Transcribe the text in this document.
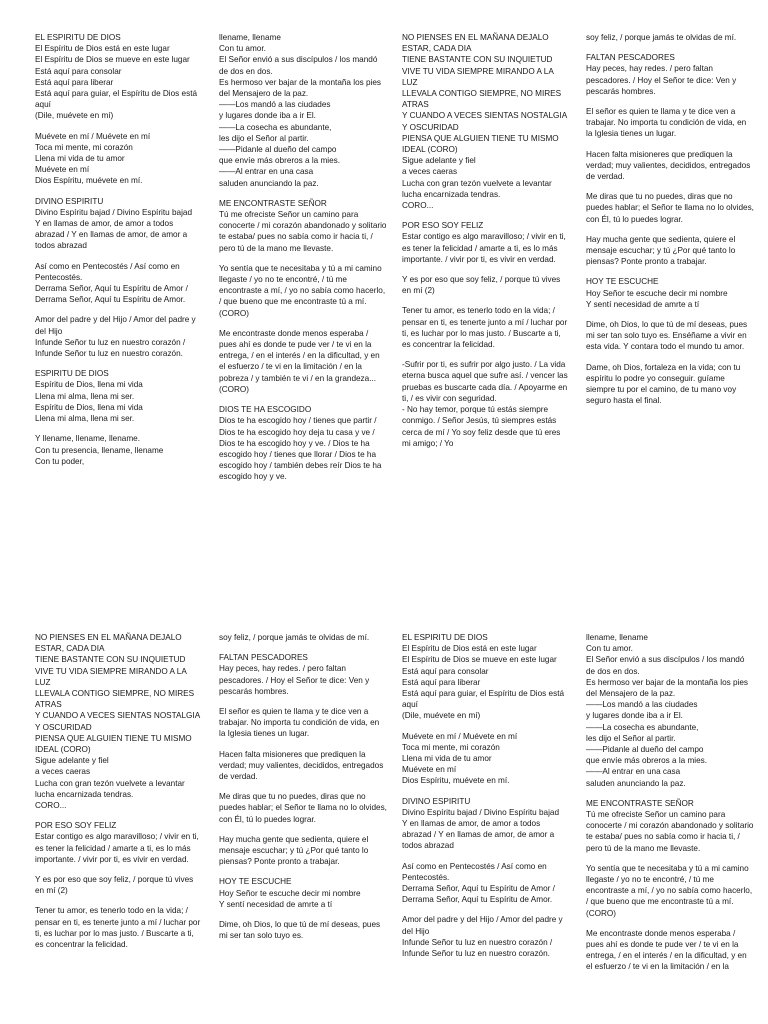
EL ESPIRITU DE DIOS
El Espíritu de Dios está en este lugar
El Espíritu de Dios se mueve en este lugar
Está aquí para consolar
Está aquí para liberar
Está aquí para guiar, el Espíritu de Dios está aquí
(Dile, muévete en mí)

Muévete en mí / Muévete en mí
Toca mi mente, mi corazón
Llena mi vida de tu amor
Muévete en mí
Dios Espíritu, muévete en mí.

DIVINO ESPIRITU
Divino Espíritu bajad / Divino Espíritu bajad
Y en llamas de amor, de amor a todos abrazad / Y en llamas de amor, de amor a todos abrazad

Así como en Pentecostés / Así como en Pentecostés.
Derrama Señor, Aquí tu Espíritu de Amor / Derrama Señor, Aquí tu Espíritu de Amor.

Amor del padre y del Hijo / Amor del padre y del Hijo
Infunde Señor tu luz en nuestro corazón / Infunde Señor tu luz en nuestro corazón.

ESPIRITU DE DIOS
Espíritu de Dios, llena mi vida
Llena mi alma, llena mi ser.
Espíritu de Dios, llena mi vida
Llena mi alma, llena mi ser.

Y llename, llename, llename.
Con tu presencia, llename, llename
Con tu poder,

llename, llename
Con tu amor.
El Señor envió a sus discípulos / los mandó de dos en dos.
Es hermoso ver bajar de la montaña los pies del Mensajero de la paz.
——Los mandó a las ciudades
y lugares donde iba a ir El.
——La cosecha es abundante,
les dijo el Señor al partir.
——Pidanle al dueño del campo
que envíe más obreros a la mies.
——Al entrar en una casa
saluden anunciando la paz.

ME ENCONTRASTE SEÑOR
Tú me ofreciste Señor un camino para conocerte / mi corazón abandonado y solitario te estaba/ pues no sabía como ir hacia ti, / pero tú de la mano me llevaste.

Yo sentía que te necesitaba y tú a mi camino llegaste / yo no te encontré, / tú me encontraste a mí, / yo no sabía como hacerlo, / que bueno que me encontraste tú a mí. (CORO)

Me encontraste donde menos esperaba / pues ahí es donde te pude ver / te vi en la entrega, / en el interés / en la dificultad, y en el esfuerzo / te vi en la limitación / en la pobreza / y también te vi / en la grandeza... (CORO)

DIOS TE HA ESCOGIDO
Dios te ha escogido hoy / tienes que partir / Dios te ha escogido hoy deja tu casa y ve / Dios te ha escogido hoy y ve. / Dios te ha escogido hoy / tienes que llorar / Dios te ha escogido hoy / también debes reír Dios te ha escogido hoy y ve.

NO PIENSES EN EL MAÑANA DEJALO ESTAR, CADA DIA
TIENE BASTANTE CON SU INQUIETUD VIVE TU VIDA SIEMPRE MIRANDO A LA LUZ
LLEVALA CONTIGO SIEMPRE, NO MIRES ATRAS
Y CUANDO A VECES SIENTAS NOSTALGIA Y OSCURIDAD
PIENSA QUE ALGUIEN TIENE TU MISMO IDEAL (CORO)
Sigue adelante y fiel
a veces caeras
Lucha con gran tezón vuelvete a levantar
lucha encarnizada tendras.
CORO...

POR ESO SOY FELIZ
Estar contigo es algo maravilloso; / vivir en ti, es tener la felicidad / amarte a ti, es lo más importante. / vivir por ti, es vivir en verdad.

Y es por eso que soy feliz, / porque tú vives en mí (2)

Tener tu amor, es tenerlo todo en la vida; / pensar en ti, es tenerte junto a mí / luchar por ti, es luchar por lo mas justo. / Buscarte a ti, es concentrar la felicidad.

-Sufrir por ti, es sufrir por algo justo. / La vida eterna busca aquel que sufre así. / vencer las pruebas es buscarte cada día. / Apoyarme en ti, / es vivir con seguridad.
- No hay temor, porque tú estás siempre conmigo. / Señor Jesús, tú siempres estás cerca de mí / Yo soy feliz desde que tú eres mi amigo; / Yo

soy feliz, / porque jamás te olvidas de mí.

FALTAN PESCADORES
Hay peces, hay redes. / pero faltan pescadores. / Hoy el Señor te dice: Ven y pescarás hombres.

El señor es quien te llama y te dice ven a trabajar. No importa tu condición de vida, en la Iglesia tienes un lugar.

Hacen falta misioneres que prediquen la verdad; muy valientes, decididos, entregados de verdad.

Me diras que tu no puedes, diras que no puedes hablar; el Señor te llama no lo olvides, con Él, tú lo puedes lograr.

Hay mucha gente que sedienta, quiere el mensaje escuchar; y tú ¿Por qué tanto lo piensas? Ponte pronto a trabajar.

HOY TE ESCUCHE
Hoy Señor te escuche decir mi nombre
Y sentí necesidad de amrte a tí

Dime, oh Dios, lo que tú de mí deseas, pues mi ser tan solo tuyo es. Enséñame a vivir en esta vida. Y contara todo el mundo tu amor.

Dame, oh Dios, fortaleza en la vida; con tu espíritu lo podre yo conseguir. guíame siempre tu por el camino, de tu mano voy seguro hasta el final.

NO PIENSES EN EL MAÑANA DEJALO ESTAR, CADA DIA
TIENE BASTANTE CON SU INQUIETUD VIVE TU VIDA SIEMPRE MIRANDO A LA LUZ
LLEVALA CONTIGO SIEMPRE, NO MIRES ATRAS
Y CUANDO A VECES SIENTAS NOSTALGIA Y OSCURIDAD
PIENSA QUE ALGUIEN TIENE TU MISMO IDEAL (CORO)
Sigue adelante y fiel
a veces caeras
Lucha con gran tezón vuelvete a levantar
lucha encarnizada tendras.
CORO...

POR ESO SOY FELIZ
Estar contigo es algo maravilloso; / vivir en ti, es tener la felicidad / amarte a ti, es lo más importante. / vivir por ti, es vivir en verdad.

Y es por eso que soy feliz, / porque tú vives en mí (2)

Tener tu amor, es tenerlo todo en la vida; / pensar en ti, es tenerte junto a mí / luchar por ti, es luchar por lo mas justo. / Buscarte a ti, es concentrar la felicidad.

soy feliz, / porque jamás te olvidas de mí.

FALTAN PESCADORES
Hay peces, hay redes. / pero faltan pescadores. / Hoy el Señor te dice: Ven y pescarás hombres.

El señor es quien te llama y te dice ven a trabajar. No importa tu condición de vida, en la Iglesia tienes un lugar.

Hacen falta misioneres que prediquen la verdad; muy valientes, decididos, entregados de verdad.

Me diras que tu no puedes, diras que no puedes hablar; el Señor te llama no lo olvides, con Él, tú lo puedes lograr.

Hay mucha gente que sedienta, quiere el mensaje escuchar; y tú ¿Por qué tanto lo piensas? Ponte pronto a trabajar.

HOY TE ESCUCHE
Hoy Señor te escuche decir mi nombre
Y sentí necesidad de amrte a tí

Dime, oh Dios, lo que tú de mí deseas, pues mi ser tan solo tuyo es.

EL ESPIRITU DE DIOS
El Espíritu de Dios está en este lugar
El Espíritu de Dios se mueve en este lugar
Está aquí para consolar
Está aquí para liberar
Está aquí para guiar, el Espíritu de Dios está aquí
(Dile, muévete en mí)

Muévete en mí / Muévete en mí
Toca mi mente, mi corazón
Llena mi vida de tu amor
Muévete en mí
Dios Espíritu, muévete en mí.

DIVINO ESPIRITU
Divino Espíritu bajad / Divino Espíritu bajad
Y en llamas de amor, de amor a todos abrazad / Y en llamas de amor, de amor a todos abrazad

Así como en Pentecostés / Así como en Pentecostés.
Derrama Señor, Aquí tu Espíritu de Amor / Derrama Señor, Aquí tu Espíritu de Amor.

Amor del padre y del Hijo / Amor del padre y del Hijo
Infunde Señor tu luz en nuestro corazón / Infunde Señor tu luz en nuestro corazón.

llename, llename
Con tu amor.
El Señor envió a sus discípulos / los mandó de dos en dos.
Es hermoso ver bajar de la montaña los pies del Mensajero de la paz.
——Los mandó a las ciudades
y lugares donde iba a ir El.
——La cosecha es abundante,
les dijo el Señor al partir.
——Pidanle al dueño del campo
que envíe más obreros a la mies.
——Al entrar en una casa
saluden anunciando la paz.

ME ENCONTRASTE SEÑOR
Tú me ofreciste Señor un camino para conocerte / mi corazón abandonado y solitario te estaba/ pues no sabía como ir hacia ti, / pero tú de la mano me llevaste.

Yo sentía que te necesitaba y tú a mi camino llegaste / yo no te encontré, / tú me encontraste a mí, / yo no sabía como hacerlo, / que bueno que me encontraste tú a mí. (CORO)

Me encontraste donde menos esperaba / pues ahí es donde te pude ver / te vi en la entrega, / en el interés / en la dificultad, y en el esfuerzo / te vi en la limitación / en la
